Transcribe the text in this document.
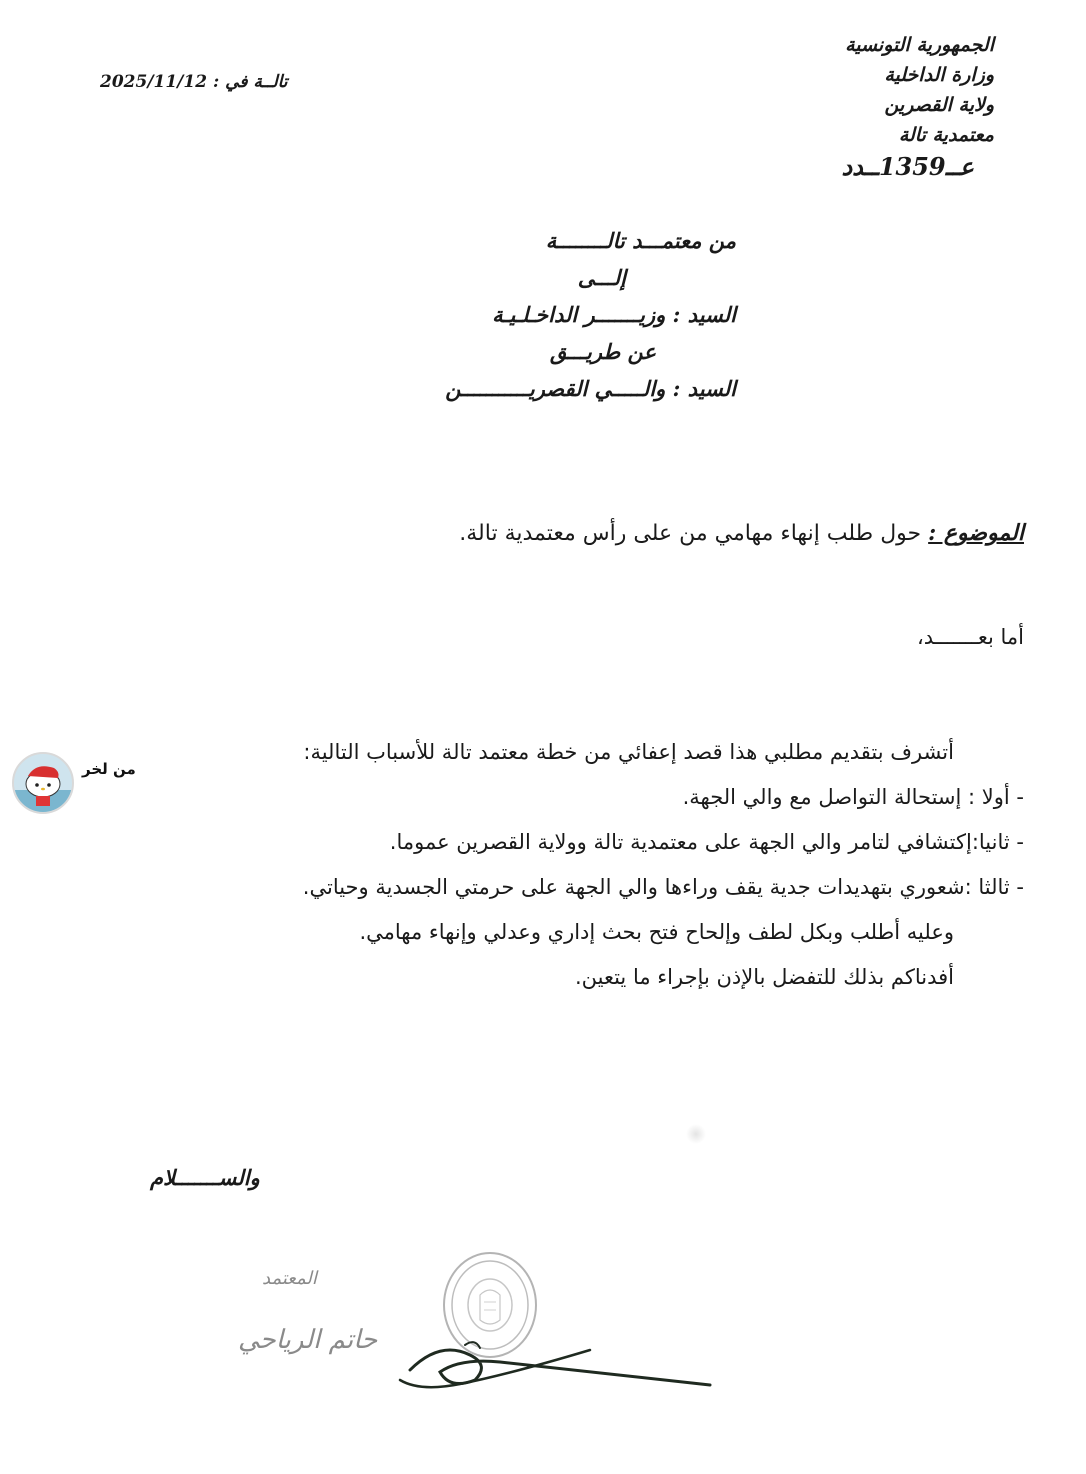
الجمهورية التونسية
وزارة الداخلية
ولاية القصرين
معتمدية تالة
عــ1359ــدد
تالــة في : 2025/11/12
من معتمـــد تالــــــــة
إلـــى
السيد : وزيـــــــر الداخـلـيـة
عن طريـــق
السيد : والـــــي القصريـــــــــــن
الموضوع : حول طلب إنهاء مهامي من على رأس معتمدية تالة.
أما بعـــــــد،
أتشرف بتقديم مطلبي هذا قصد إعفائي من خطة معتمد تالة للأسباب التالية:
- أولا : إستحالة التواصل مع والي الجهة.
- ثانيا:إكتشافي لتامر والي الجهة على معتمدية تالة وولاية القصرين عموما.
- ثالثا :شعوري بتهديدات جدية يقف وراءها والي الجهة على حرمتي الجسدية وحياتي.
وعليه أطلب وبكل لطف وإلحاح فتح بحث إداري وعدلي وإنهاء مهامي.
أفدناكم بذلك للتفضل بالإذن بإجراء ما يتعين.
والســـــــلام
المعتمد
حاتم الرياحي
من لخر
